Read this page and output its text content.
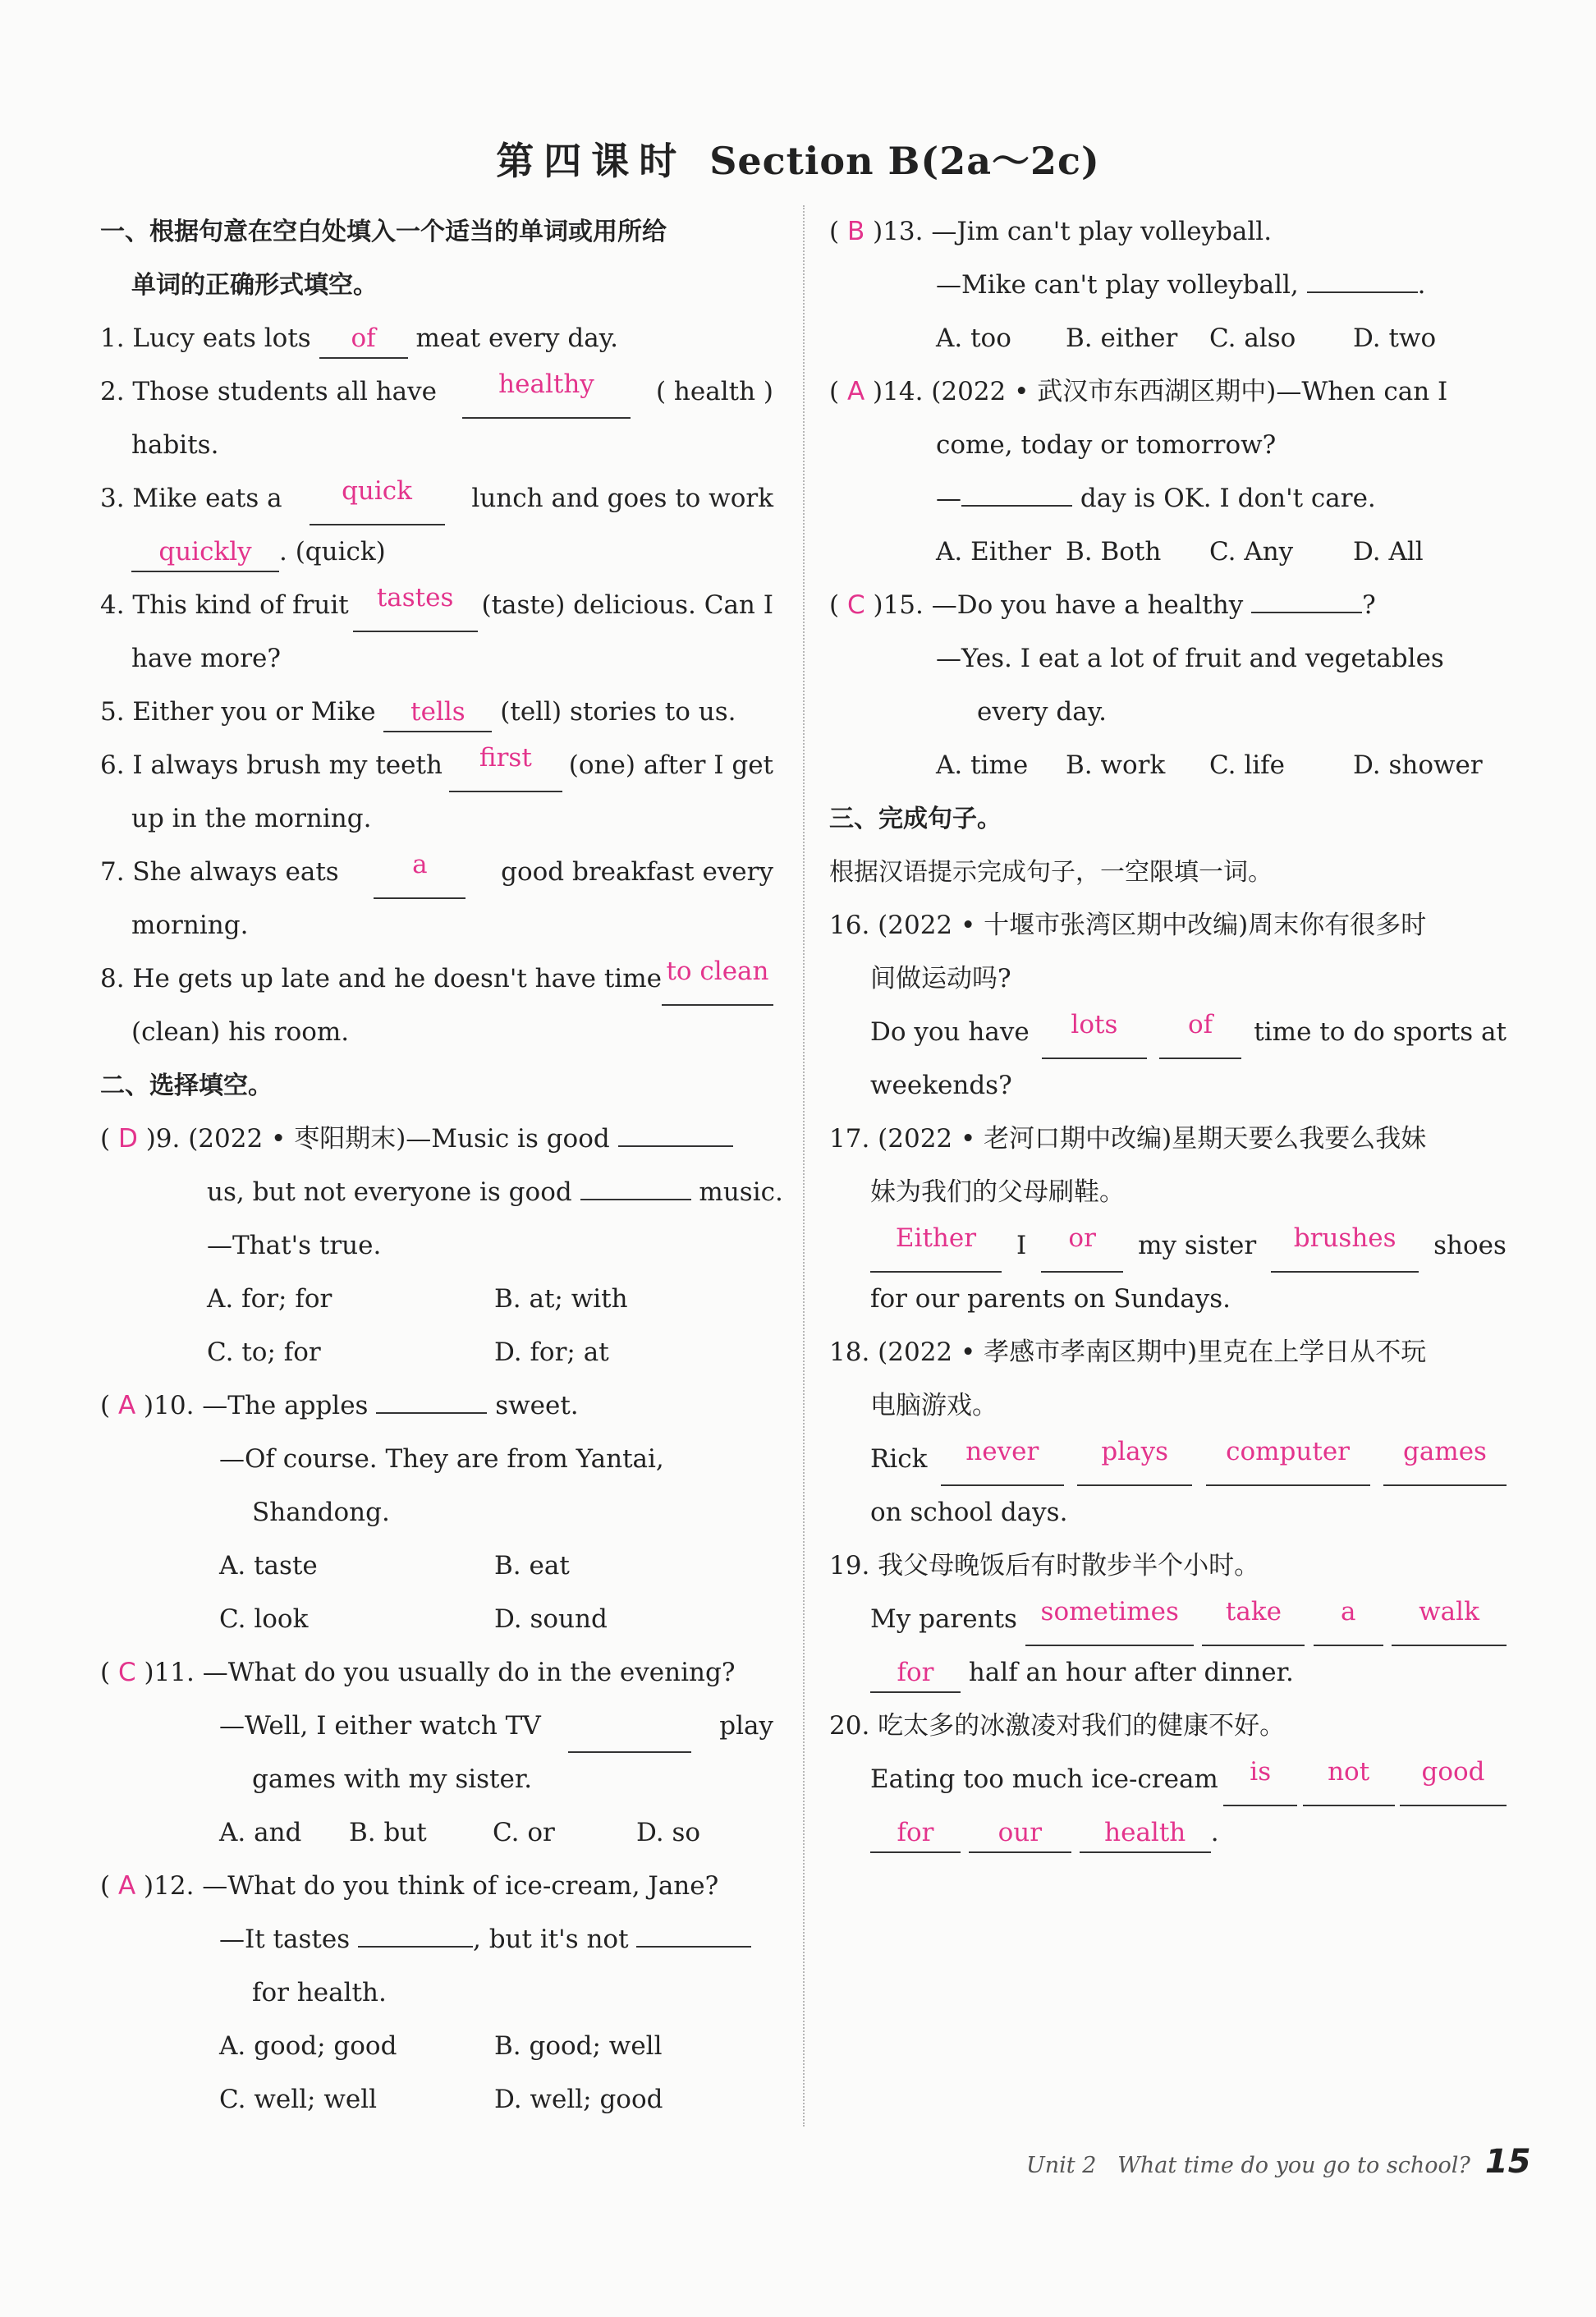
第四课时 Section B(2a～2c)
一、根据句意在空白处填入一个适当的单词或用所给
单词的正确形式填空。
1. Lucy eats lots of meat every day.
2. Those students all have	healthy	( health )
habits.
3. Mike eats a	quick	lunch and goes to work
quickly . (quick)
4. This kind of fruit	tastes	(taste) delicious. Can I
have more?
5. Either you or Mike tells (tell) stories to us.
6. I always brush my teeth	first	(one) after I get
up in the morning.
7. She always eats	a	good breakfast every
morning.
8. He gets up late and he doesn't have time to clean
(clean) his room.
二、选择填空。
( D )9. (2022 • 枣阳期末)—Music is good
us, but not everyone is good	music.
—That's true.
A. for; for	B. at; with
C. to; for	D. for; at
( A )10. —The apples	sweet.
—Of course. They are from Yantai,
Shandong.
A. taste	B. eat
C. look	D. sound
( C )11. —What do you usually do in the evening?
—Well, I either watch TV	play
games with my sister.
A. and	B. but	C. or	D. so
( A )12. —What do you think of ice-cream, Jane?
—It tastes	, but it's not
for health.
A. good; good	B. good; well
C. well; well	D. well; good
( B )13. —Jim can't play volleyball.
—Mike can't play volleyball,	.
A. too	B. either	C. also	D. two
( A )14. (2022 • 武汉市东西湖区期中)—When can I
come, today or tomorrow?
—	day is OK. I don't care.
A. Either B. Both	C. Any	D. All
( C )15. —Do you have a healthy	?
—Yes. I eat a lot of fruit and vegetables
every day.
A. time	B. work	C. life	D. shower
三、完成句子。
根据汉语提示完成句子，一空限填一词。
16. (2022 • 十堰市张湾区期中改编)周末你有很多时
间做运动吗?
Do you have	lots	of	time to do sports at
weekends?
17. (2022 • 老河口期中改编)星期天要么我要么我妹
妹为我们的父母刷鞋。
Either	I	or	my sister	brushes	shoes
for our parents on Sundays.
18. (2022 • 孝感市孝南区期中)里克在上学日从不玩
电脑游戏。
Rick	never	plays	computer	games
on school days.
19. 我父母晚饭后有时散步半个小时。
My parents sometimes	take	a	walk
for half an hour after dinner.
20. 吃太多的冰激凌对我们的健康不好。
Eating too much ice-cream	is	not	good
for	our health .
Unit 2 What time do you go to school? 15
